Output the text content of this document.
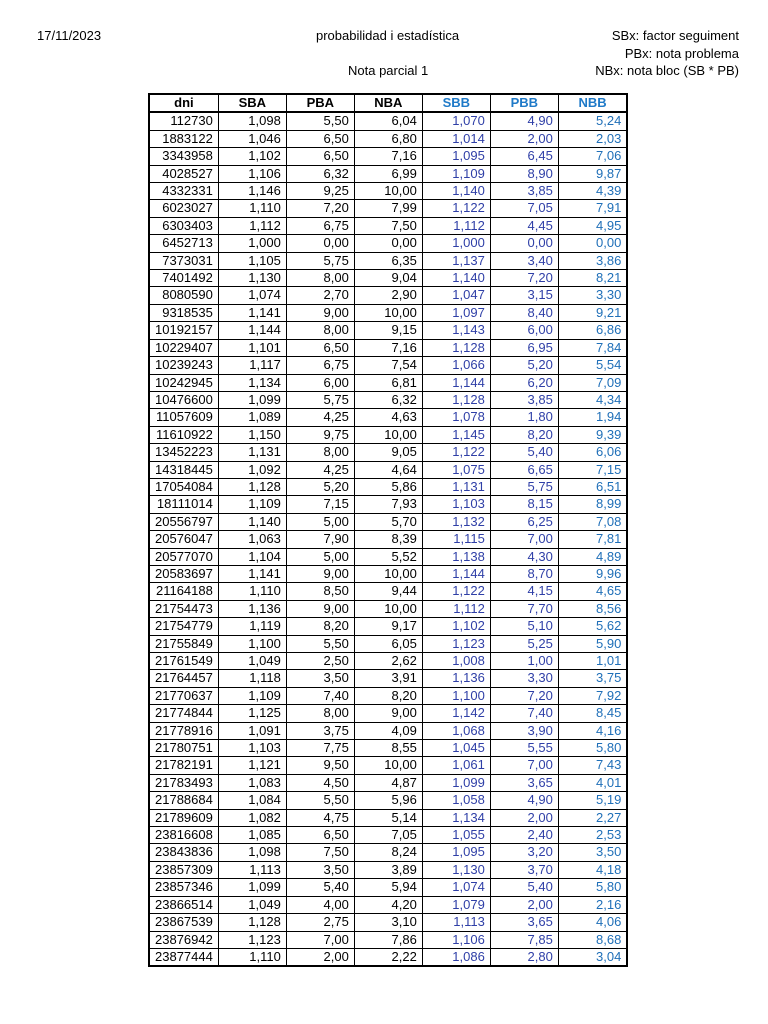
17/11/2023	probabilidad i estadística
Nota parcial 1
SBx: factor seguiment
PBx: nota problema
NBx: nota bloc (SB * PB)
dni	SBA	PBA	NBA	SBB	PBB	NBB
112730	1,098	5,50	6,04	1,070	4,90	5,24
1883122	1,046	6,50	6,80	1,014	2,00	2,03
3343958	1,102	6,50	7,16	1,095	6,45	7,06
4028527	1,106	6,32	6,99	1,109	8,90	9,87
4332331	1,146	9,25	10,00	1,140	3,85	4,39
6023027	1,110	7,20	7,99	1,122	7,05	7,91
6303403	1,112	6,75	7,50	1,112	4,45	4,95
6452713	1,000	0,00	0,00	1,000	0,00	0,00
7373031	1,105	5,75	6,35	1,137	3,40	3,86
7401492	1,130	8,00	9,04	1,140	7,20	8,21
8080590	1,074	2,70	2,90	1,047	3,15	3,30
9318535	1,141	9,00	10,00	1,097	8,40	9,21
10192157	1,144	8,00	9,15	1,143	6,00	6,86
10229407	1,101	6,50	7,16	1,128	6,95	7,84
10239243	1,117	6,75	7,54	1,066	5,20	5,54
10242945	1,134	6,00	6,81	1,144	6,20	7,09
10476600	1,099	5,75	6,32	1,128	3,85	4,34
11057609	1,089	4,25	4,63	1,078	1,80	1,94
11610922	1,150	9,75	10,00	1,145	8,20	9,39
13452223	1,131	8,00	9,05	1,122	5,40	6,06
14318445	1,092	4,25	4,64	1,075	6,65	7,15
17054084	1,128	5,20	5,86	1,131	5,75	6,51
18111014	1,109	7,15	7,93	1,103	8,15	8,99
20556797	1,140	5,00	5,70	1,132	6,25	7,08
20576047	1,063	7,90	8,39	1,115	7,00	7,81
20577070	1,104	5,00	5,52	1,138	4,30	4,89
20583697	1,141	9,00	10,00	1,144	8,70	9,96
21164188	1,110	8,50	9,44	1,122	4,15	4,65
21754473	1,136	9,00	10,00	1,112	7,70	8,56
21754779	1,119	8,20	9,17	1,102	5,10	5,62
21755849	1,100	5,50	6,05	1,123	5,25	5,90
21761549	1,049	2,50	2,62	1,008	1,00	1,01
21764457	1,118	3,50	3,91	1,136	3,30	3,75
21770637	1,109	7,40	8,20	1,100	7,20	7,92
21774844	1,125	8,00	9,00	1,142	7,40	8,45
21778916	1,091	3,75	4,09	1,068	3,90	4,16
21780751	1,103	7,75	8,55	1,045	5,55	5,80
21782191	1,121	9,50	10,00	1,061	7,00	7,43
21783493	1,083	4,50	4,87	1,099	3,65	4,01
21788684	1,084	5,50	5,96	1,058	4,90	5,19
21789609	1,082	4,75	5,14	1,134	2,00	2,27
23816608	1,085	6,50	7,05	1,055	2,40	2,53
23843836	1,098	7,50	8,24	1,095	3,20	3,50
23857309	1,113	3,50	3,89	1,130	3,70	4,18
23857346	1,099	5,40	5,94	1,074	5,40	5,80
23866514	1,049	4,00	4,20	1,079	2,00	2,16
23867539	1,128	2,75	3,10	1,113	3,65	4,06
23876942	1,123	7,00	7,86	1,106	7,85	8,68
23877444	1,110	2,00	2,22	1,086	2,80	3,04
